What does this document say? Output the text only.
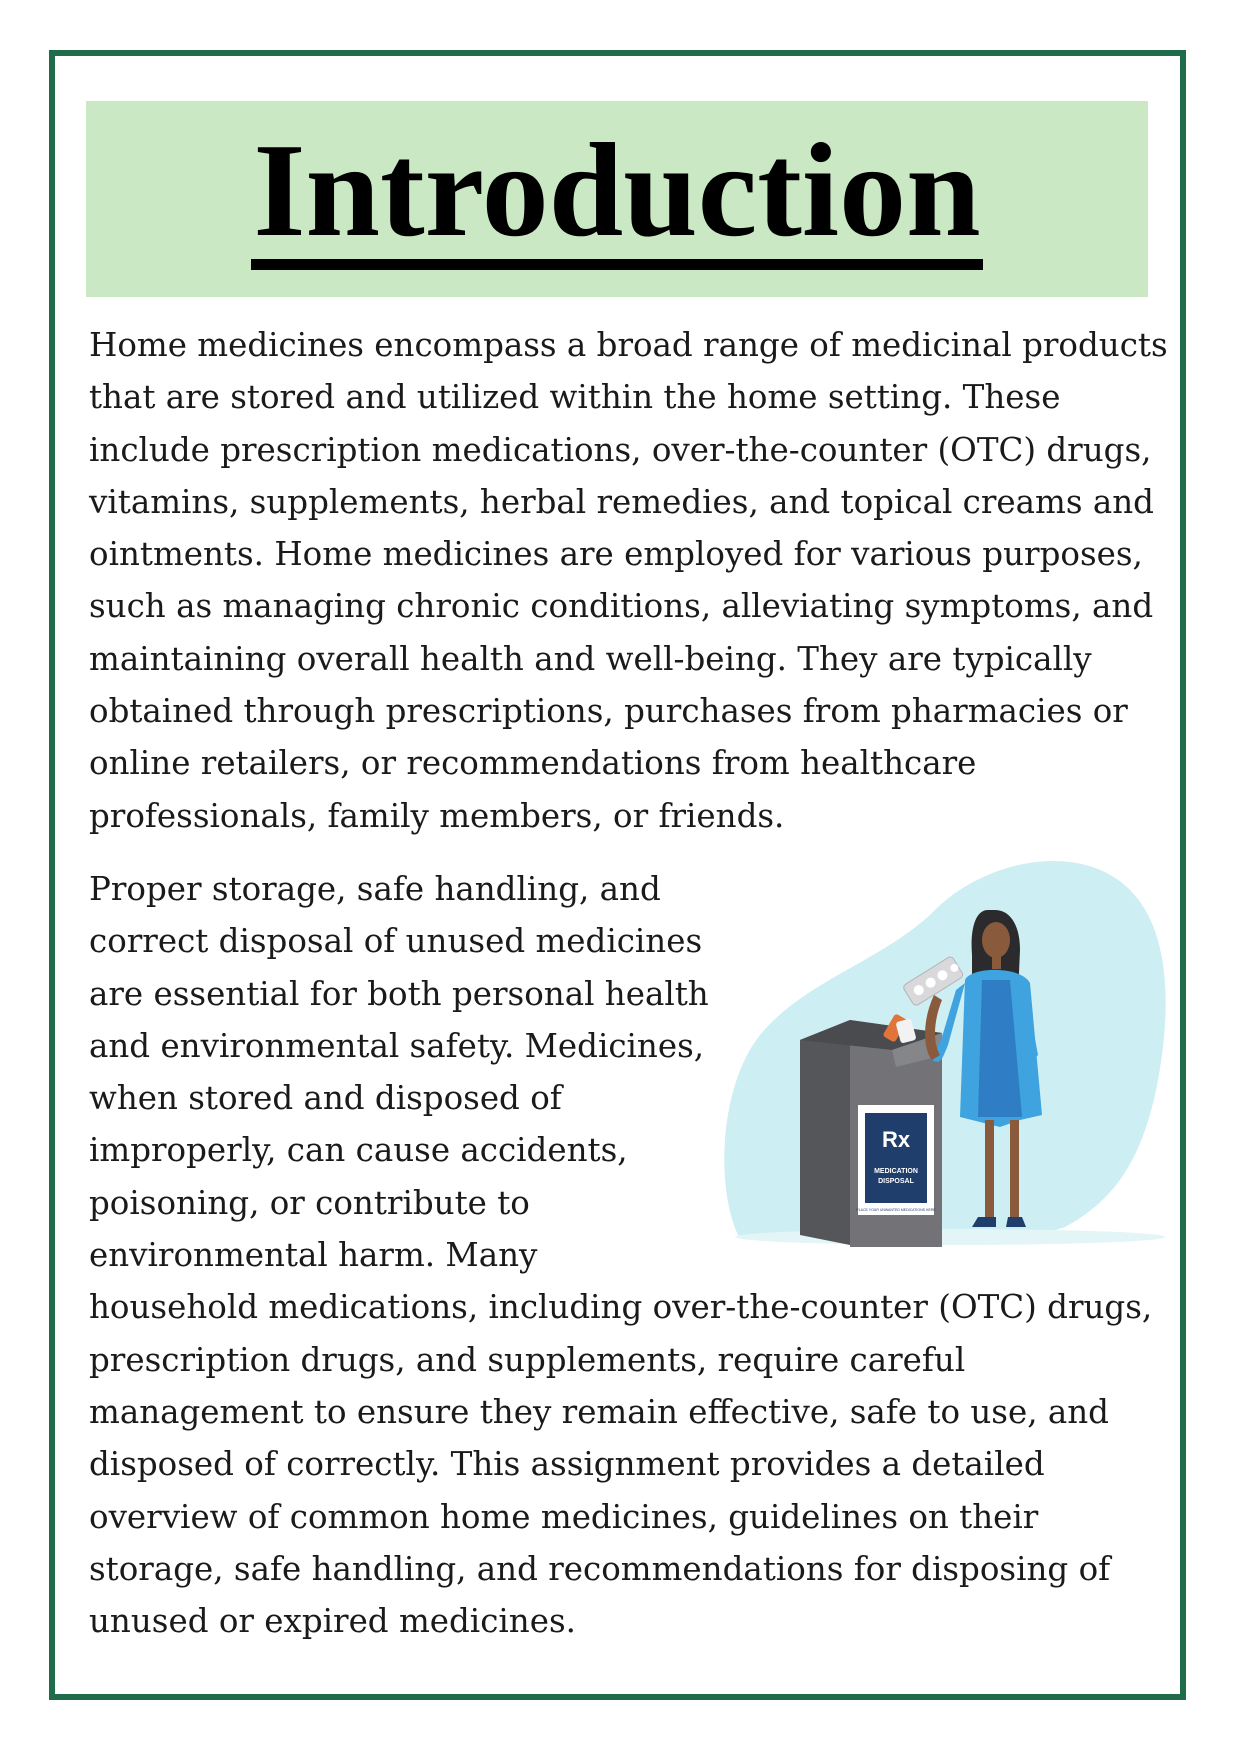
Introduction

Home medicines encompass a broad range of medicinal products
that are stored and utilized within the home setting. These
include prescription medications, over-the-counter (OTC) drugs,
vitamins, supplements, herbal remedies, and topical creams and
ointments. Home medicines are employed for various purposes,
such as managing chronic conditions, alleviating symptoms, and
maintaining overall health and well-being. They are typically
obtained through prescriptions, purchases from pharmacies or
online retailers, or recommendations from healthcare
professionals, family members, or friends.

Proper storage, safe handling, and
correct disposal of unused medicines
are essential for both personal health
and environmental safety. Medicines,
when stored and disposed of
improperly, can cause accidents,
poisoning, or contribute to
environmental harm. Many
household medications, including over-the-counter (OTC) drugs,
prescription drugs, and supplements, require careful
management to ensure they remain effective, safe to use, and
disposed of correctly. This assignment provides a detailed
overview of common home medicines, guidelines on their
storage, safe handling, and recommendations for disposing of
unused or expired medicines.

Rx
MEDICATION
DISPOSAL
PLACE YOUR UNWANTED MEDICATIONS HERE
